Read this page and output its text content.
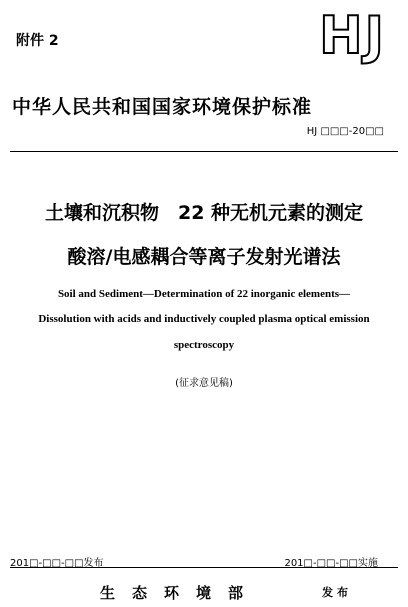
附件 2	HJ
中华人民共和国国家环境保护标准
HJ □□□-20□□
土壤和沉积物　22 种无机元素的测定
酸溶/电感耦合等离子发射光谱法
Soil and Sediment—Determination of 22 inorganic elements—
Dissolution with acids and inductively coupled plasma optical emission
spectroscopy
(征求意见稿)
201□-□□-□□发布	201□-□□-□□实施
生态环境部	发布
